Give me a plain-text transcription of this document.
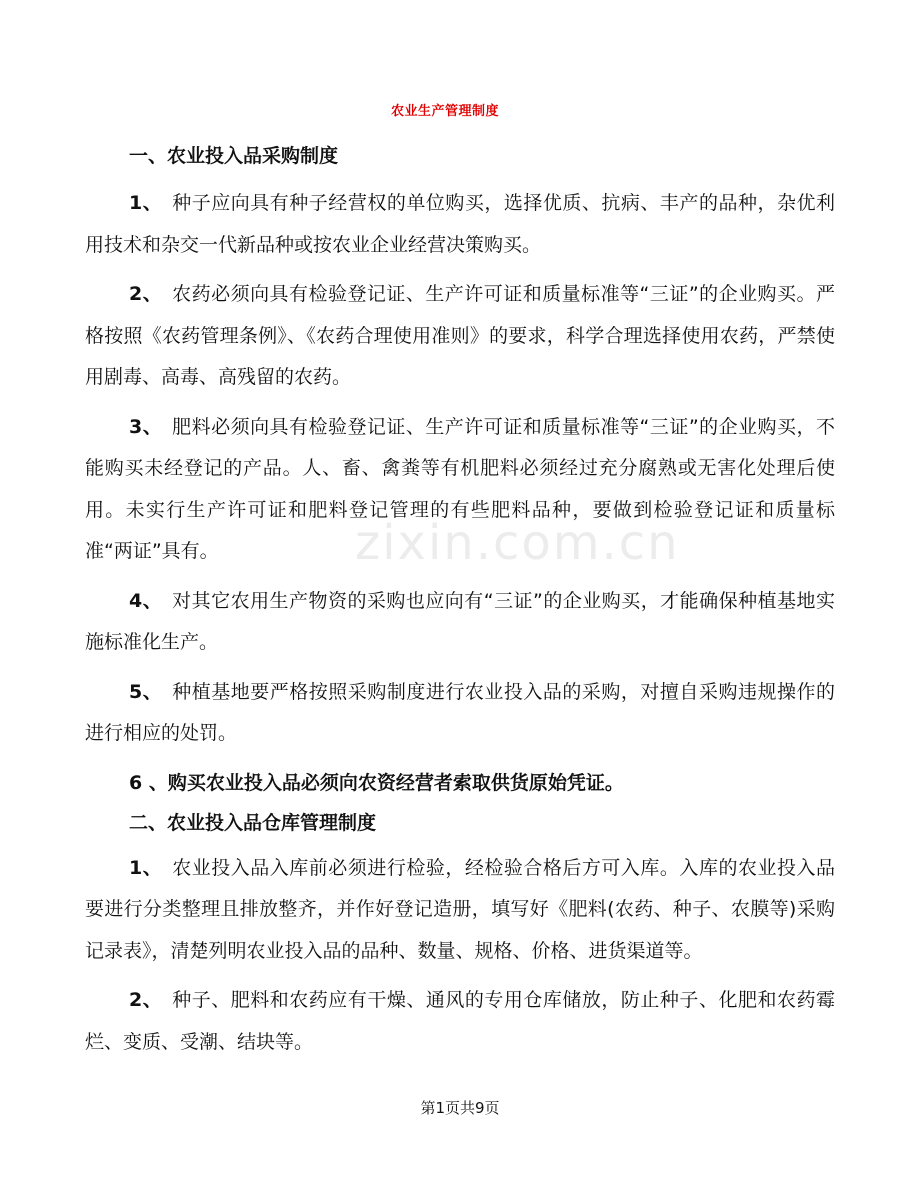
农业生产管理制度
zixin.com.cn
一、农业投入品采购制度

1、 种子应向具有种子经营权的单位购买，选择优质、抗病、丰产的品种，杂优利用技术和杂交一代新品种或按农业企业经营决策购买。

2、 农药必须向具有检验登记证、生产许可证和质量标准等“三证”的企业购买。严格按照《农药管理条例》、《农药合理使用准则》的要求，科学合理选择使用农药，严禁使用剧毒、高毒、高残留的农药。

3、 肥料必须向具有检验登记证、生产许可证和质量标准等“三证”的企业购买，不能购买未经登记的产品。人、畜、禽粪等有机肥料必须经过充分腐熟或无害化处理后使用。未实行生产许可证和肥料登记管理的有些肥料品种，要做到检验登记证和质量标准“两证”具有。

4、 对其它农用生产物资的采购也应向有“三证”的企业购买，才能确保种植基地实施标准化生产。

5、 种植基地要严格按照采购制度进行农业投入品的采购，对擅自采购违规操作的进行相应的处罚。

6 、购买农业投入品必须向农资经营者索取供货原始凭证。

二、农业投入品仓库管理制度

1、 农业投入品入库前必须进行检验，经检验合格后方可入库。入库的农业投入品要进行分类整理且排放整齐，并作好登记造册，填写好《肥料(农药、种子、农膜等)采购记录表》，清楚列明农业投入品的品种、数量、规格、价格、进货渠道等。

2、 种子、肥料和农药应有干燥、通风的专用仓库储放，防止种子、化肥和农药霉烂、变质、受潮、结块等。

第1页共9页
